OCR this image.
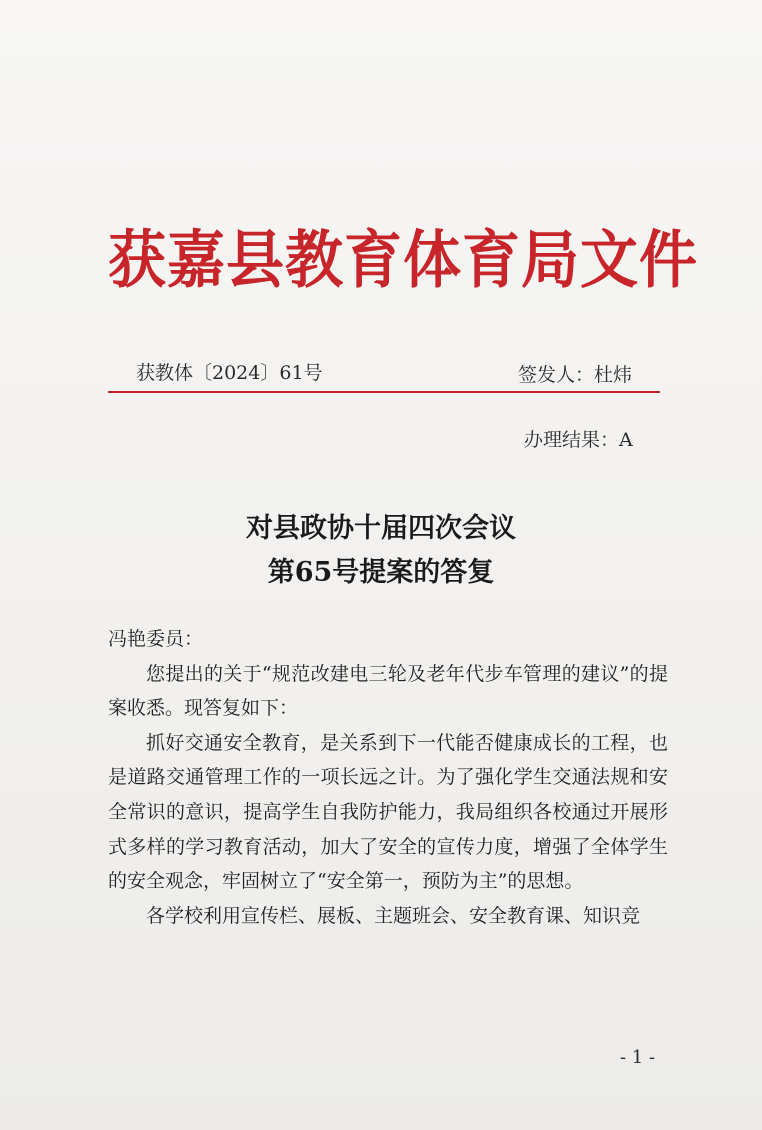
获嘉县教育体育局文件
获教体〔2024〕61号	签发人：杜炜
办理结果：A
对县政协十届四次会议
第65号提案的答复

冯艳委员：

您提出的关于“规范改建电三轮及老年代步车管理的建议”的提案收悉。现答复如下：

抓好交通安全教育，是关系到下一代能否健康成长的工程，也是道路交通管理工作的一项长远之计。为了强化学生交通法规和安全常识的意识，提高学生自我防护能力，我局组织各校通过开展形式多样的学习教育活动，加大了安全的宣传力度，增强了全体学生的安全观念，牢固树立了“安全第一，预防为主”的思想。

各学校利用宣传栏、展板、主题班会、安全教育课、知识竞

- 1 -
